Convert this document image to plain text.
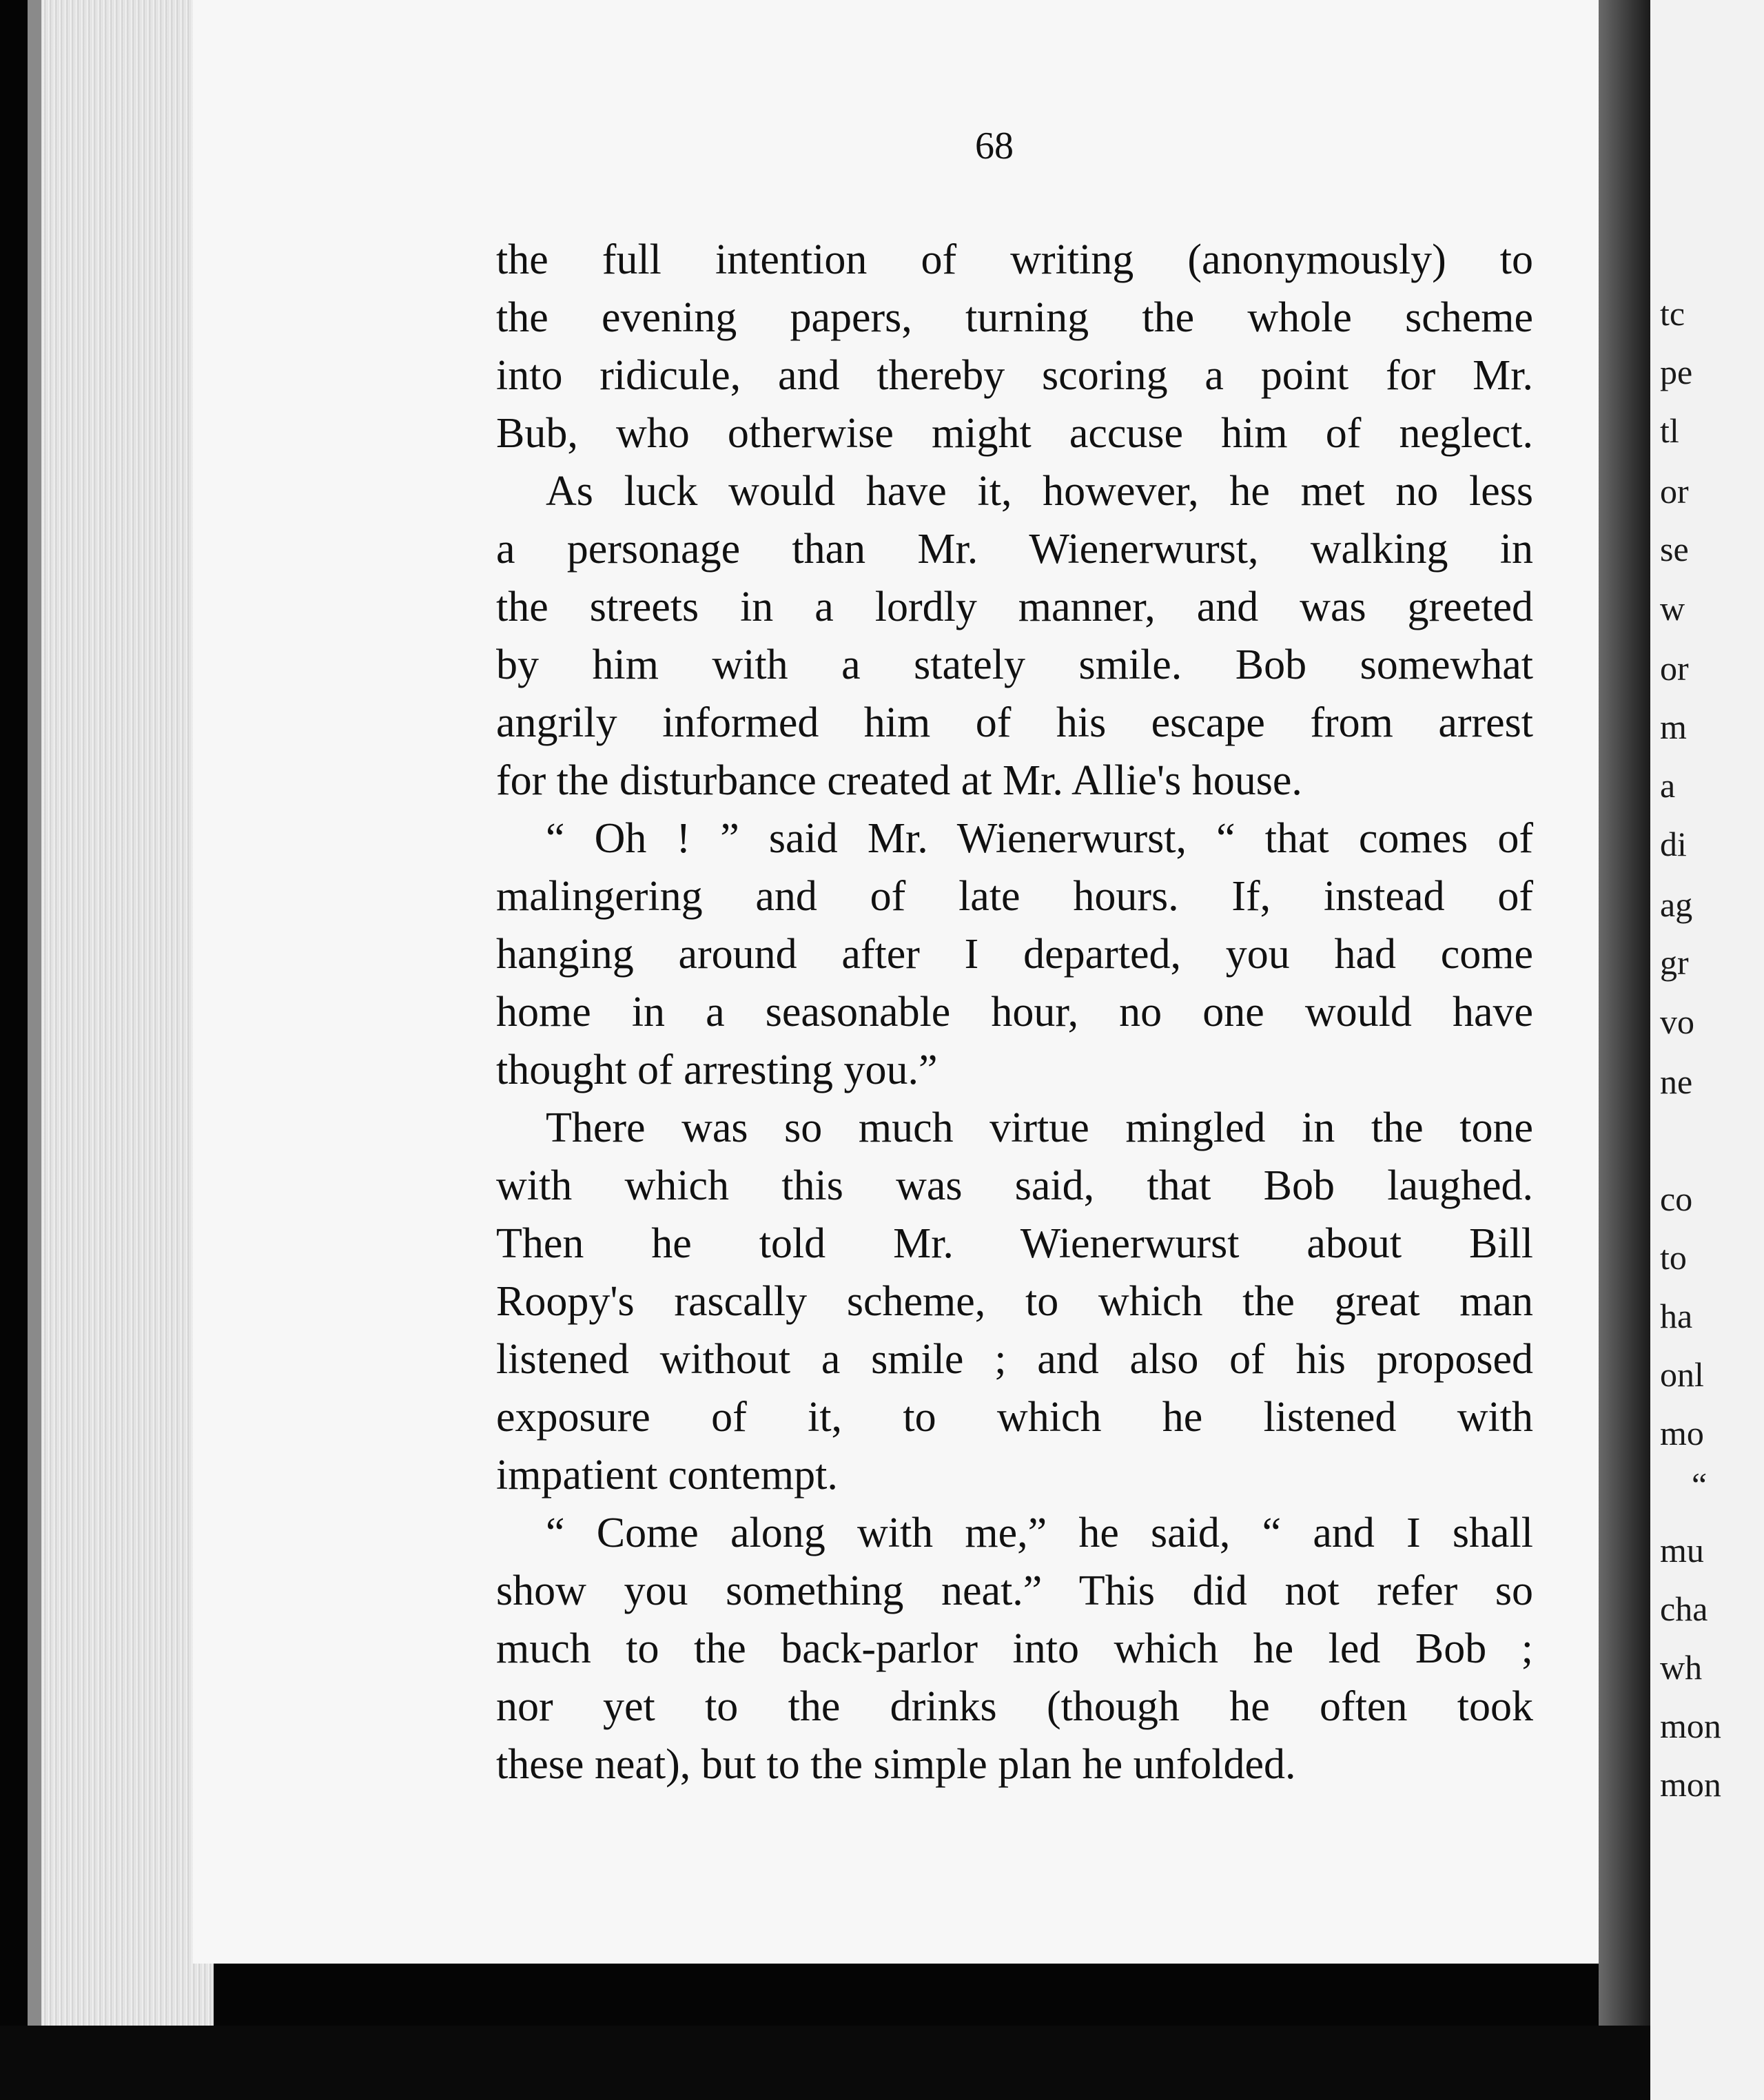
68
the full intention of writing (anonymously) to
the evening papers, turning the whole scheme
into ridicule, and thereby scoring a point for Mr.
Bub, who otherwise might accuse him of neglect.
As luck would have it, however, he met no less
a personage than Mr. Wienerwurst, walking in
the streets in a lordly manner, and was greeted
by him with a stately smile. Bob somewhat
angrily informed him of his escape from arrest
for the disturbance created at Mr. Allie's house.
“ Oh ! ” said Mr. Wienerwurst, “ that comes of
malingering and of late hours. If, instead of
hanging around after I departed, you had come
home in a seasonable hour, no one would have
thought of arresting you.”
There was so much virtue mingled in the tone
with which this was said, that Bob laughed.
Then he told Mr. Wienerwurst about Bill
Roopy's rascally scheme, to which the great man
listened without a smile ; and also of his proposed
exposure of it, to which he listened with
impatient contempt.
“ Come along with me,” he said, “ and I shall
show you something neat.” This did not refer so
much to the back-parlor into which he led Bob ;
nor yet to the drinks (though he often took
these neat), but to the simple plan he unfolded.
tc
pe
tl
or
se
w
or
m
a
di
ag
gr
vo
ne
co
to
ha
onl
mo
“
mu
cha
wh
mon
mon
